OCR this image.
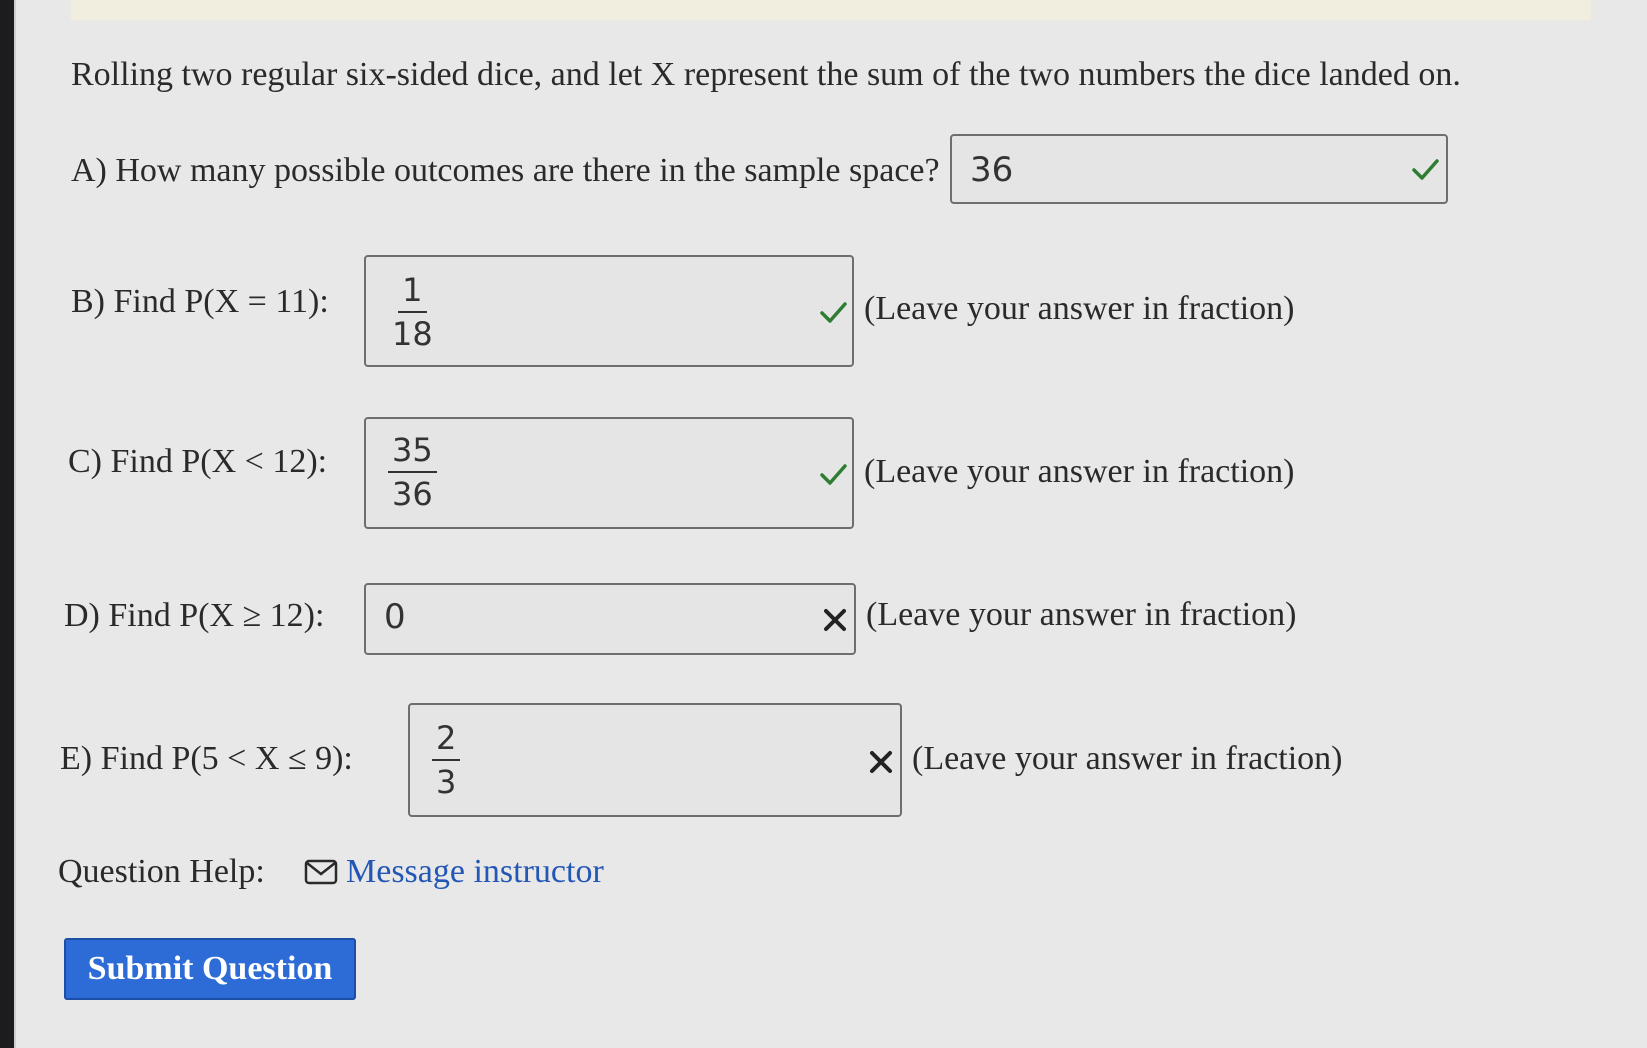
Rolling two regular six-sided dice, and let X represent the sum of the two numbers the dice landed on.
A) How many possible outcomes are there in the sample space? 36
B) Find P(X = 11): $\frac{1}{18}$	(Leave your answer in fraction)
C) Find P(X < 12): $\frac{35}{36}$	(Leave your answer in fraction)
D) Find P(X ≥ 12): 0	(Leave your answer in fraction)
E) Find P(5 < X ≤ 9): $\frac{2}{3}$	(Leave your answer in fraction)
Question Help: Message instructor
Submit Question
